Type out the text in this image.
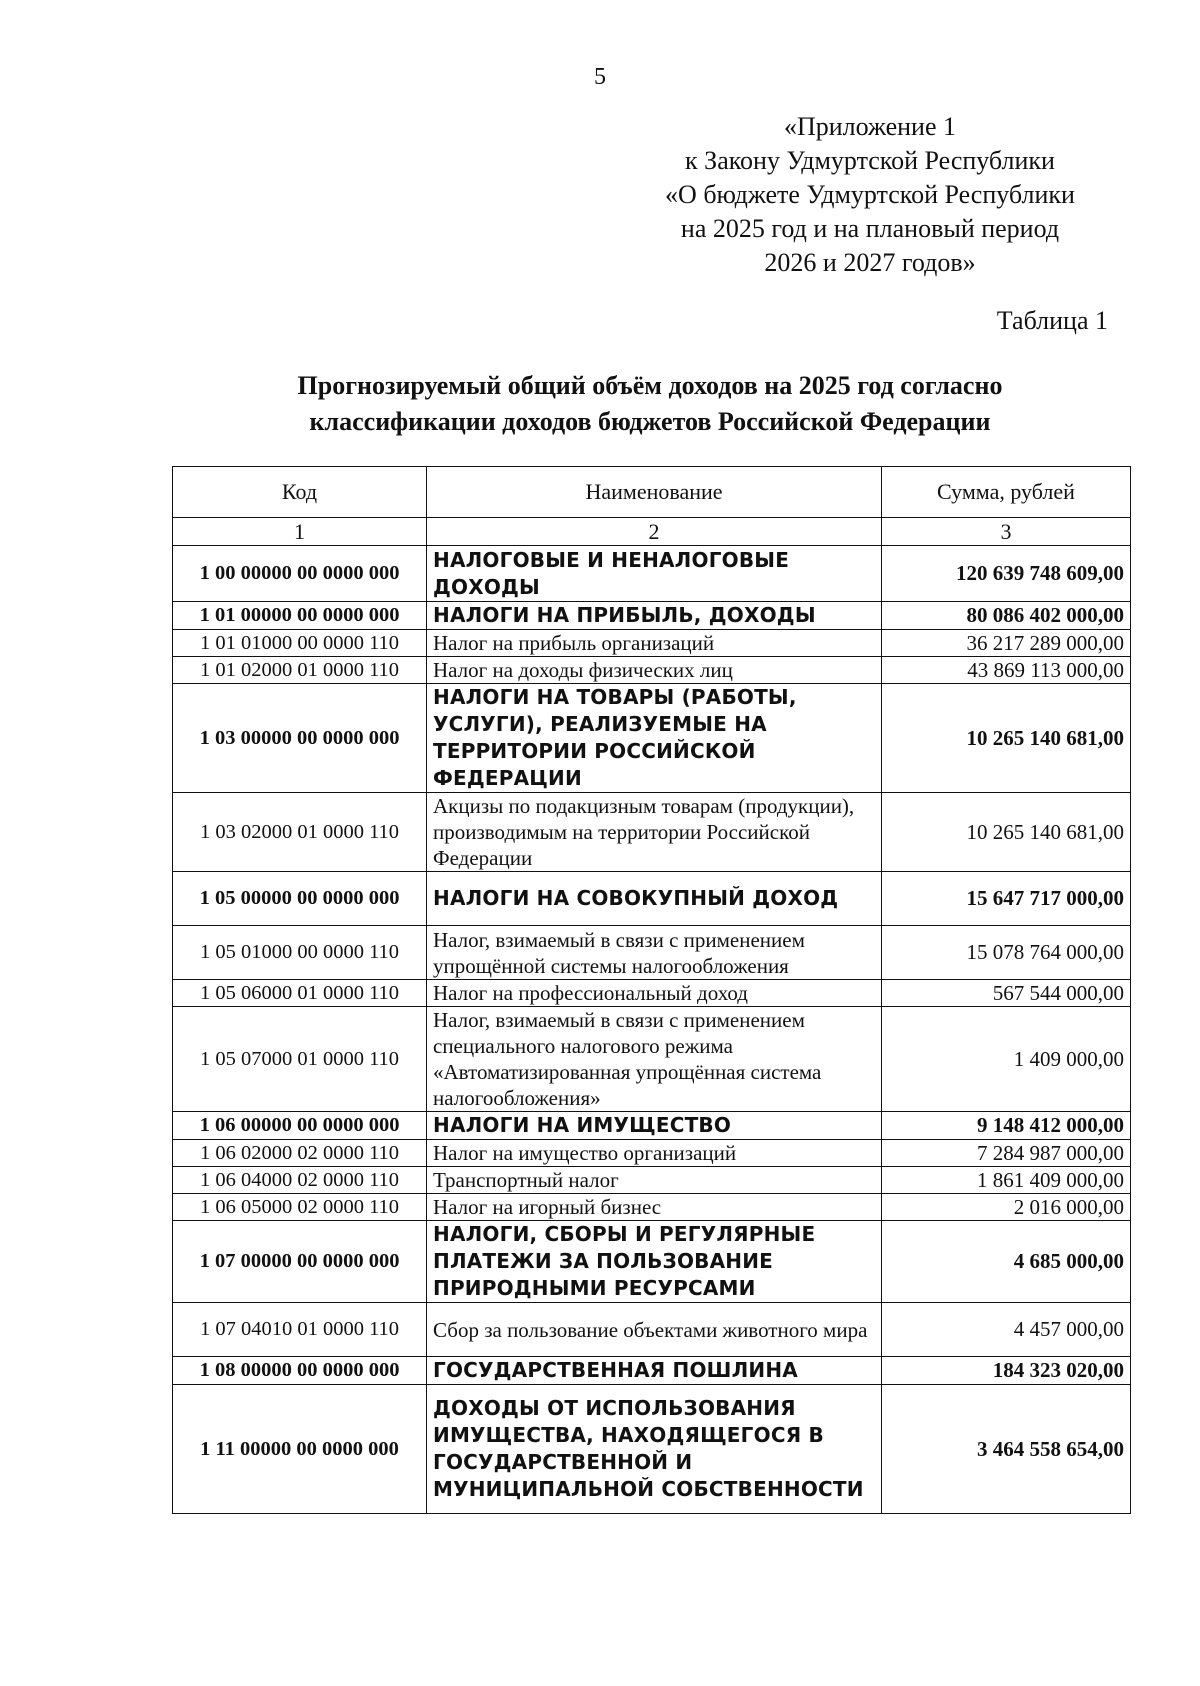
5
«Приложение 1
к Закону Удмуртской Республики
«О бюджете Удмуртской Республики
на 2025 год и на плановый период
2026 и 2027 годов»
Таблица 1
Прогнозируемый общий объём доходов на 2025 год согласно
классификации доходов бюджетов Российской Федерации
Код	Наименование	Сумма, рублей
1	2	3
1 00 00000 00 0000 000	НАЛОГОВЫЕ И НЕНАЛОГОВЫЕ ДОХОДЫ	120 639 748 609,00
1 01 00000 00 0000 000	НАЛОГИ НА ПРИБЫЛЬ, ДОХОДЫ	80 086 402 000,00
1 01 01000 00 0000 110	Налог на прибыль организаций	36 217 289 000,00
1 01 02000 01 0000 110	Налог на доходы физических лиц	43 869 113 000,00
1 03 00000 00 0000 000	НАЛОГИ НА ТОВАРЫ (РАБОТЫ, УСЛУГИ), РЕАЛИЗУЕМЫЕ НА ТЕРРИТОРИИ РОССИЙСКОЙ ФЕДЕРАЦИИ	10 265 140 681,00
1 03 02000 01 0000 110	Акцизы по подакцизным товарам (продукции), производимым на территории Российской Федерации	10 265 140 681,00
1 05 00000 00 0000 000	НАЛОГИ НА СОВОКУПНЫЙ ДОХОД	15 647 717 000,00
1 05 01000 00 0000 110	Налог, взимаемый в связи с применением упрощённой системы налогообложения	15 078 764 000,00
1 05 06000 01 0000 110	Налог на профессиональный доход	567 544 000,00
1 05 07000 01 0000 110	Налог, взимаемый в связи с применением специального налогового режима «Автоматизированная упрощённая система налогообложения»	1 409 000,00
1 06 00000 00 0000 000	НАЛОГИ НА ИМУЩЕСТВО	9 148 412 000,00
1 06 02000 02 0000 110	Налог на имущество организаций	7 284 987 000,00
1 06 04000 02 0000 110	Транспортный налог	1 861 409 000,00
1 06 05000 02 0000 110	Налог на игорный бизнес	2 016 000,00
1 07 00000 00 0000 000	НАЛОГИ, СБОРЫ И РЕГУЛЯРНЫЕ ПЛАТЕЖИ ЗА ПОЛЬЗОВАНИЕ ПРИРОДНЫМИ РЕСУРСАМИ	4 685 000,00
1 07 04010 01 0000 110	Сбор за пользование объектами животного мира	4 457 000,00
1 08 00000 00 0000 000	ГОСУДАРСТВЕННАЯ ПОШЛИНА	184 323 020,00
1 11 00000 00 0000 000	ДОХОДЫ ОТ ИСПОЛЬЗОВАНИЯ ИМУЩЕСТВА, НАХОДЯЩЕГОСЯ В ГОСУДАРСТВЕННОЙ И МУНИЦИПАЛЬНОЙ СОБСТВЕННОСТИ	3 464 558 654,00
